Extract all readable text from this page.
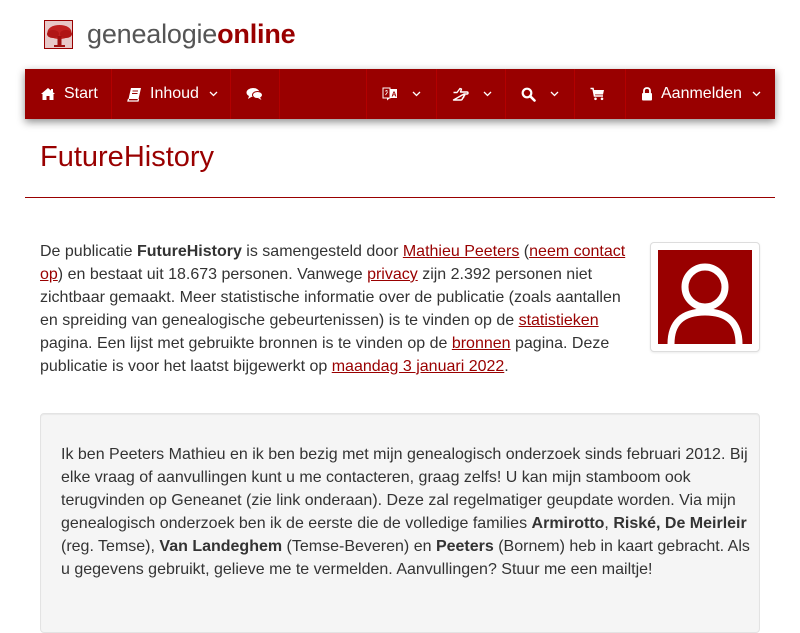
genealogieonline
Start	Inhoud	A	Aanmelden
FutureHistory

De publicatie FutureHistory is samengesteld door Mathieu Peeters (neem contact op) en bestaat uit 18.673 personen. Vanwege privacy zijn 2.392 personen niet zichtbaar gemaakt. Meer statistische informatie over de publicatie (zoals aantallen en spreiding van genealogische gebeurtenissen) is te vinden op de statistieken pagina. Een lijst met gebruikte bronnen is te vinden op de bronnen pagina. Deze publicatie is voor het laatst bijgewerkt op maandag 3 januari 2022.

Ik ben Peeters Mathieu en ik ben bezig met mijn genealogisch onderzoek sinds februari 2012. Bij elke vraag of aanvullingen kunt u me contacteren, graag zelfs! U kan mijn stamboom ook terugvinden op Geneanet (zie link onderaan). Deze zal regelmatiger geupdate worden. Via mijn genealogisch onderzoek ben ik de eerste die de volledige families Armirotto, Riské, De Meirleir (reg. Temse), Van Landeghem (Temse-Beveren) en Peeters (Bornem) heb in kaart gebracht. Als u gegevens gebruikt, gelieve me te vermelden. Aanvullingen? Stuur me een mailtje!
